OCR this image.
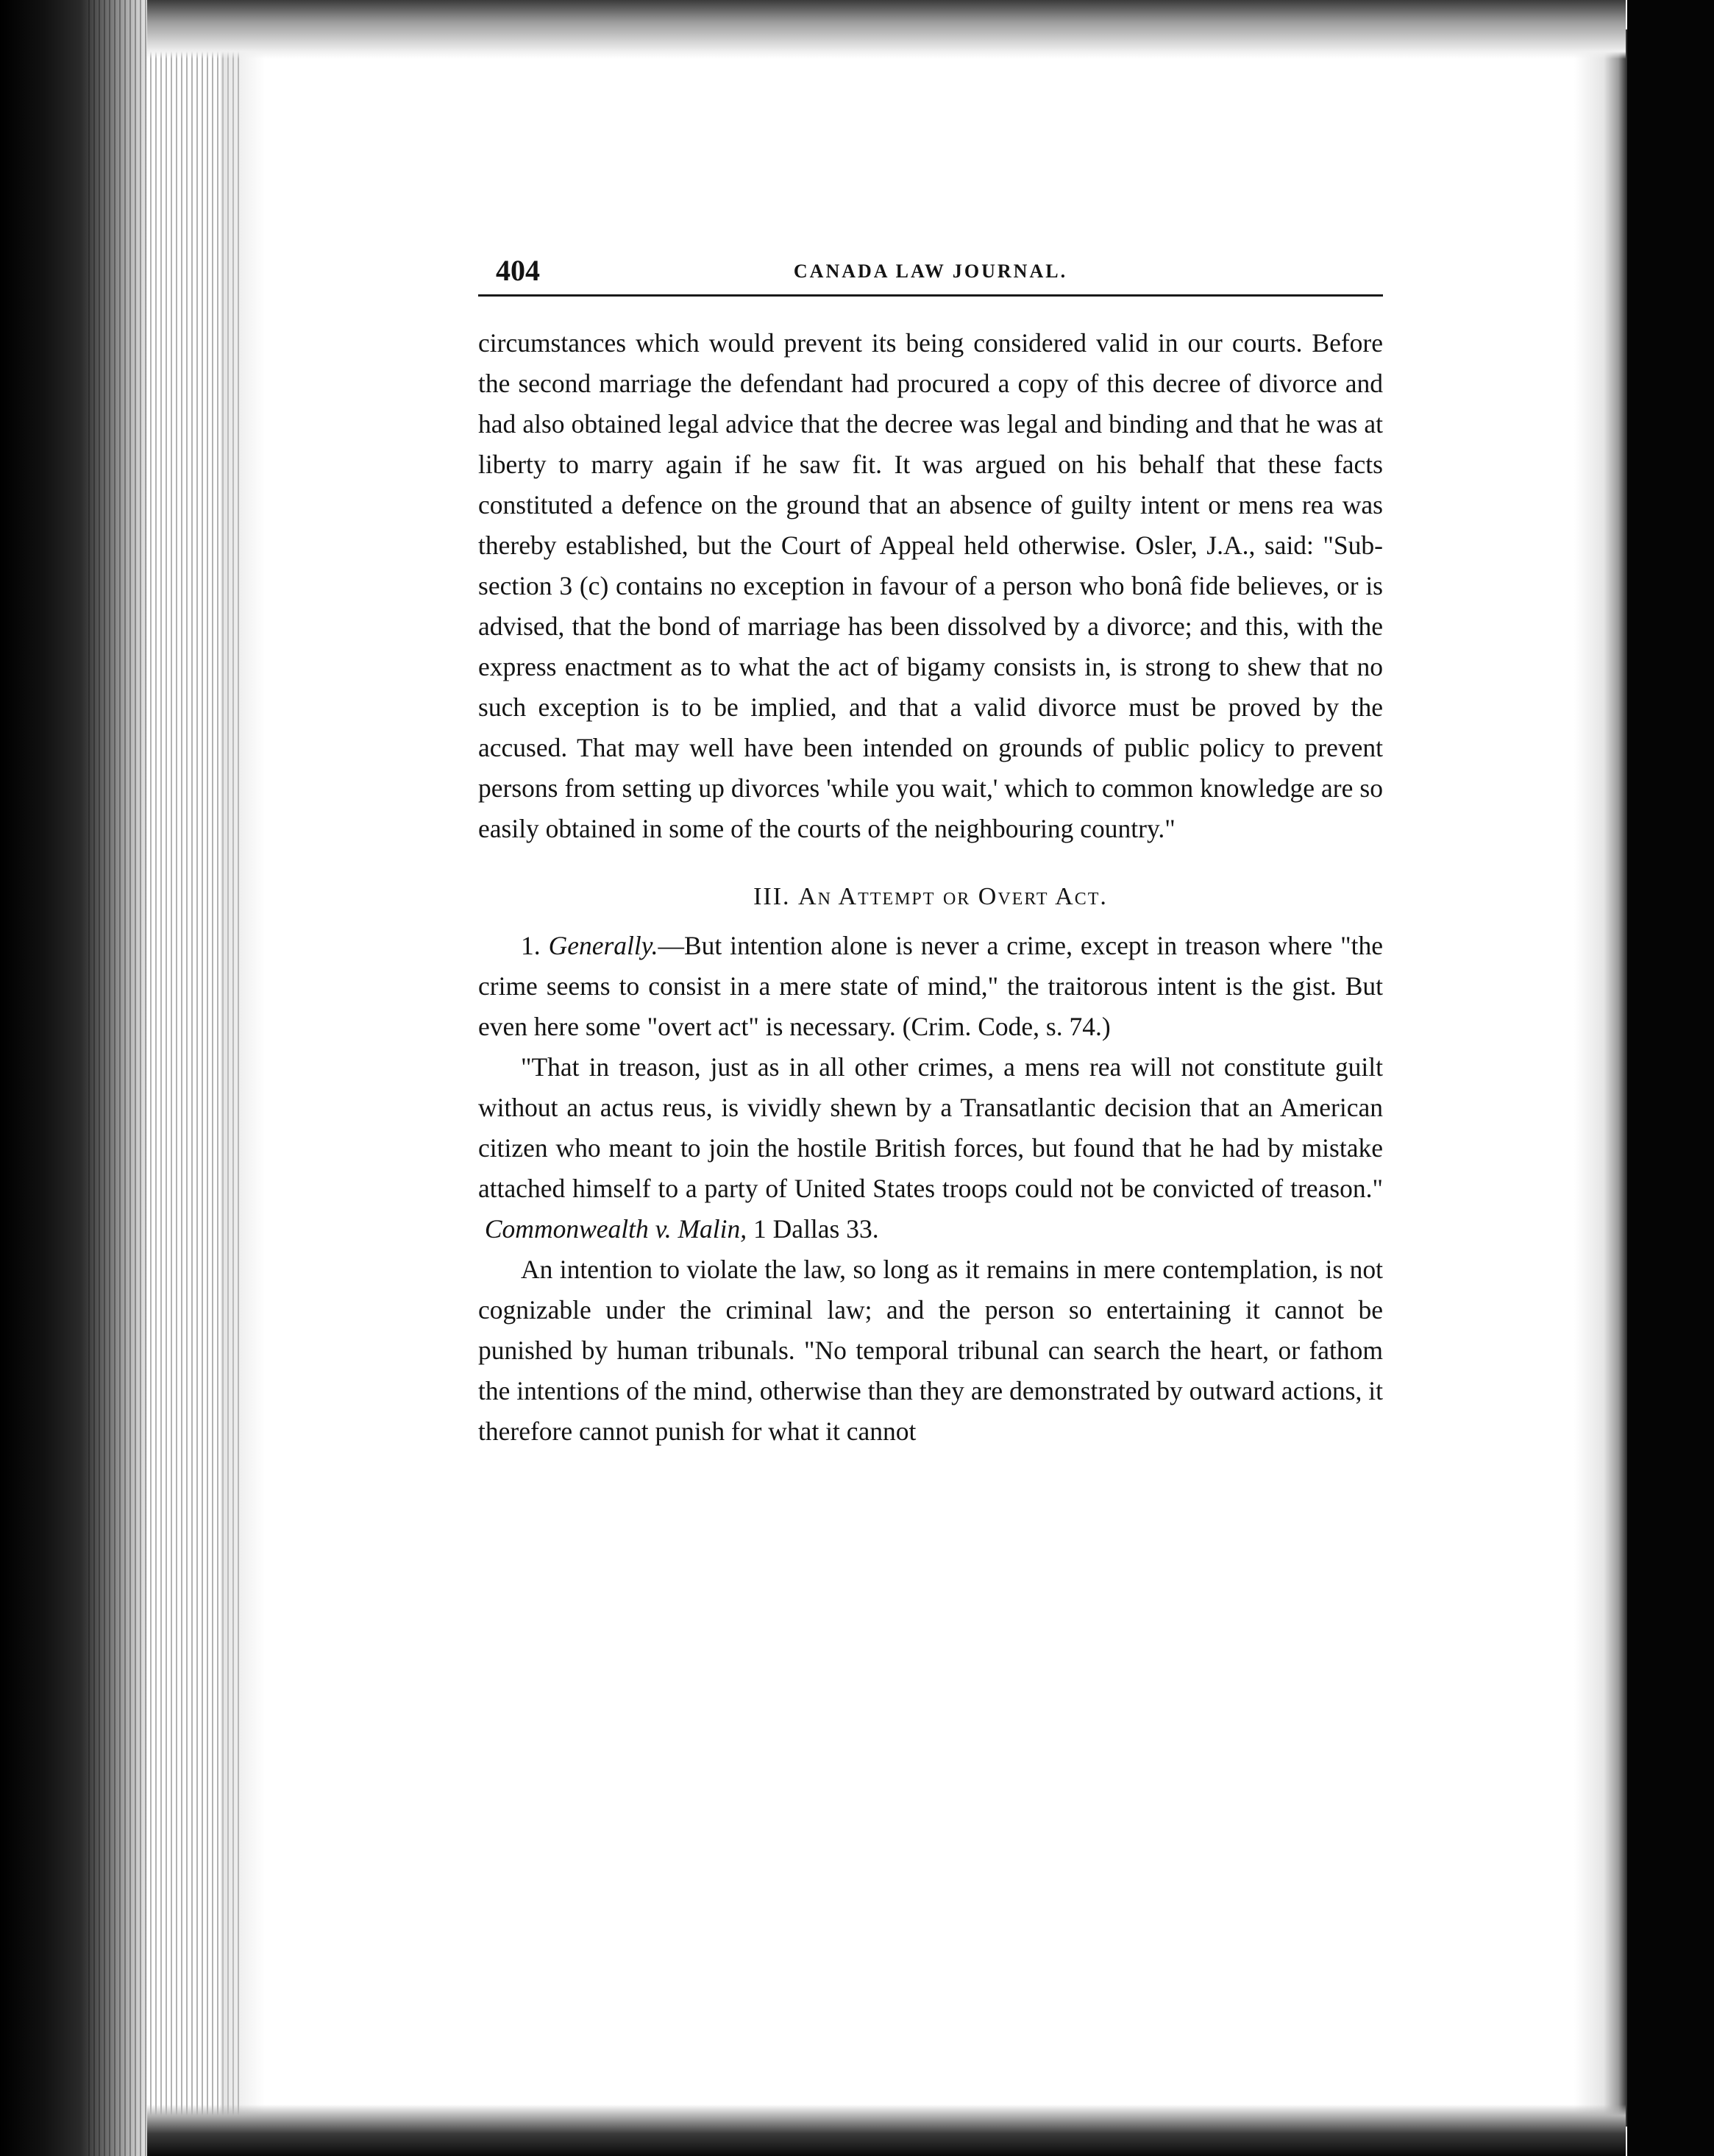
404	CANADA LAW JOURNAL.

circumstances which would prevent its being considered valid in our courts. Before the second marriage the defendant had procured a copy of this decree of divorce and had also obtained legal advice that the decree was legal and binding and that he was at liberty to marry again if he saw fit. It was argued on his behalf that these facts constituted a defence on the ground that an absence of guilty intent or mens rea was thereby established, but the Court of Appeal held otherwise. Osler, J.A., said: "Sub-section 3 (c) contains no exception in favour of a person who bonâ fide believes, or is advised, that the bond of marriage has been dissolved by a divorce; and this, with the express enactment as to what the act of bigamy consists in, is strong to shew that no such exception is to be implied, and that a valid divorce must be proved by the accused. That may well have been intended on grounds of public policy to prevent persons from setting up divorces 'while you wait,' which to common knowledge are so easily obtained in some of the courts of the neighbouring country."

III. An Attempt or Overt Act.

1. Generally.—But intention alone is never a crime, except in treason where "the crime seems to consist in a mere state of mind," the traitorous intent is the gist. But even here some "overt act" is necessary. (Crim. Code, s. 74.)

"That in treason, just as in all other crimes, a mens rea will not constitute guilt without an actus reus, is vividly shewn by a Transatlantic decision that an American citizen who meant to join the hostile British forces, but found that he had by mistake attached himself to a party of United States troops could not be convicted of treason."  Commonwealth v. Malin, 1 Dallas 33.

An intention to violate the law, so long as it remains in mere contemplation, is not cognizable under the criminal law; and the person so entertaining it cannot be punished by human tribunals. "No temporal tribunal can search the heart, or fathom the intentions of the mind, otherwise than they are demonstrated by outward actions, it therefore cannot punish for what it cannot
